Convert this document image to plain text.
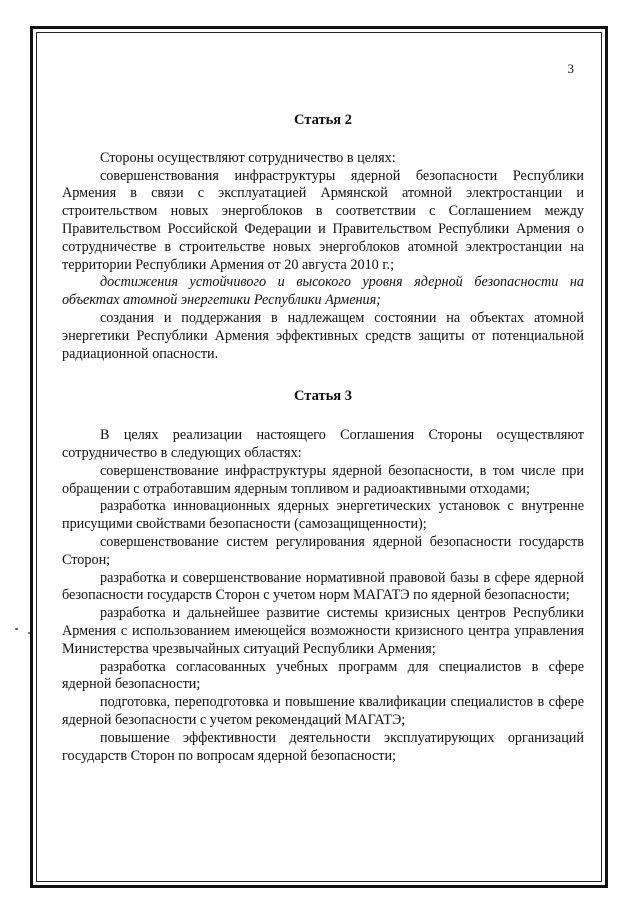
3
Статья 2

Стороны осуществляют сотрудничество в целях:

совершенствования инфраструктуры ядерной безопасности Республики Армения в связи с эксплуатацией Армянской атомной электростанции и строительством новых энергоблоков в соответствии с Соглашением между Правительством Российской Федерации и Правительством Республики Армения о сотрудничестве в строительстве новых энергоблоков атомной электростанции на территории Республики Армения от 20 августа 2010 г.;

достижения устойчивого и высокого уровня ядерной безопасности на объектах атомной энергетики Республики Армения;

создания и поддержания в надлежащем состоянии на объектах атомной энергетики Республики Армения эффективных средств защиты от потенциальной радиационной опасности.

Статья 3

В целях реализации настоящего Соглашения Стороны осуществляют сотрудничество в следующих областях:

совершенствование инфраструктуры ядерной безопасности, в том числе при обращении с отработавшим ядерным топливом и радиоактивными отходами;

разработка инновационных ядерных энергетических установок с внутренне присущими свойствами безопасности (самозащищенности);

совершенствование систем регулирования ядерной безопасности государств Сторон;

разработка и совершенствование нормативной правовой базы в сфере ядерной безопасности государств Сторон с учетом норм МАГАТЭ по ядерной безопасности;

разработка и дальнейшее развитие системы кризисных центров Республики Армения с использованием имеющейся возможности кризисного центра управления Министерства чрезвычайных ситуаций Республики Армения;

разработка согласованных учебных программ для специалистов в сфере ядерной безопасности;

подготовка, переподготовка и повышение квалификации специалистов в сфере ядерной безопасности с учетом рекомендаций МАГАТЭ;

повышение эффективности деятельности эксплуатирующих организаций государств Сторон по вопросам ядерной безопасности;
